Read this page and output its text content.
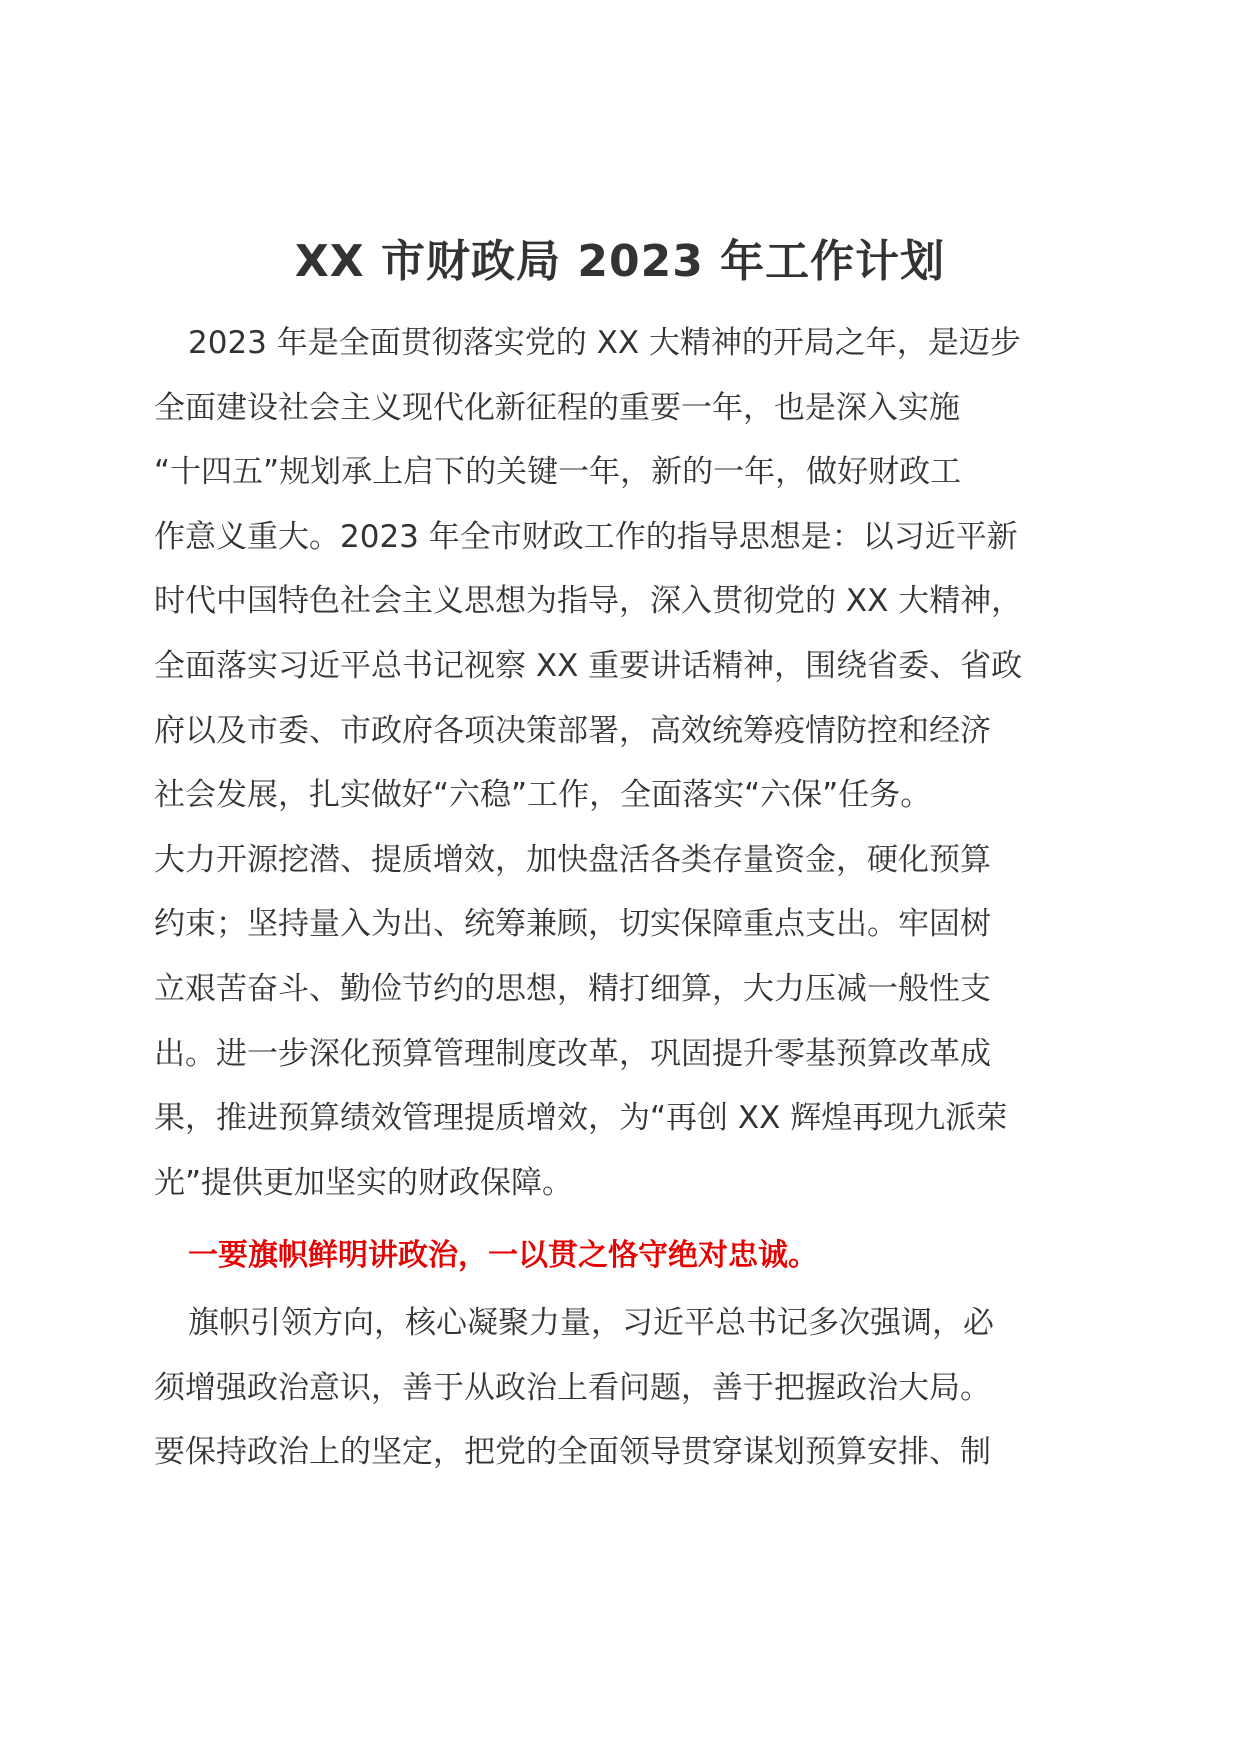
XX 市财政局 2023 年工作计划
2023 年是全面贯彻落实党的 XX 大精神的开局之年，是迈步
全面建设社会主义现代化新征程的重要一年，也是深入实施
“十四五”规划承上启下的关键一年，新的一年，做好财政工
作意义重大。2023 年全市财政工作的指导思想是：以习近平新
时代中国特色社会主义思想为指导，深入贯彻党的 XX 大精神，
全面落实习近平总书记视察 XX 重要讲话精神，围绕省委、省政
府以及市委、市政府各项决策部署，高效统筹疫情防控和经济
社会发展，扎实做好“六稳”工作，全面落实“六保”任务。
大力开源挖潜、提质增效，加快盘活各类存量资金，硬化预算
约束；坚持量入为出、统筹兼顾，切实保障重点支出。牢固树
立艰苦奋斗、勤俭节约的思想，精打细算，大力压减一般性支
出。进一步深化预算管理制度改革，巩固提升零基预算改革成
果，推进预算绩效管理提质增效，为“再创 XX 辉煌再现九派荣
光”提供更加坚实的财政保障。
一要旗帜鲜明讲政治，一以贯之恪守绝对忠诚。
旗帜引领方向，核心凝聚力量，习近平总书记多次强调，必
须增强政治意识，善于从政治上看问题，善于把握政治大局。
要保持政治上的坚定，把党的全面领导贯穿谋划预算安排、制
